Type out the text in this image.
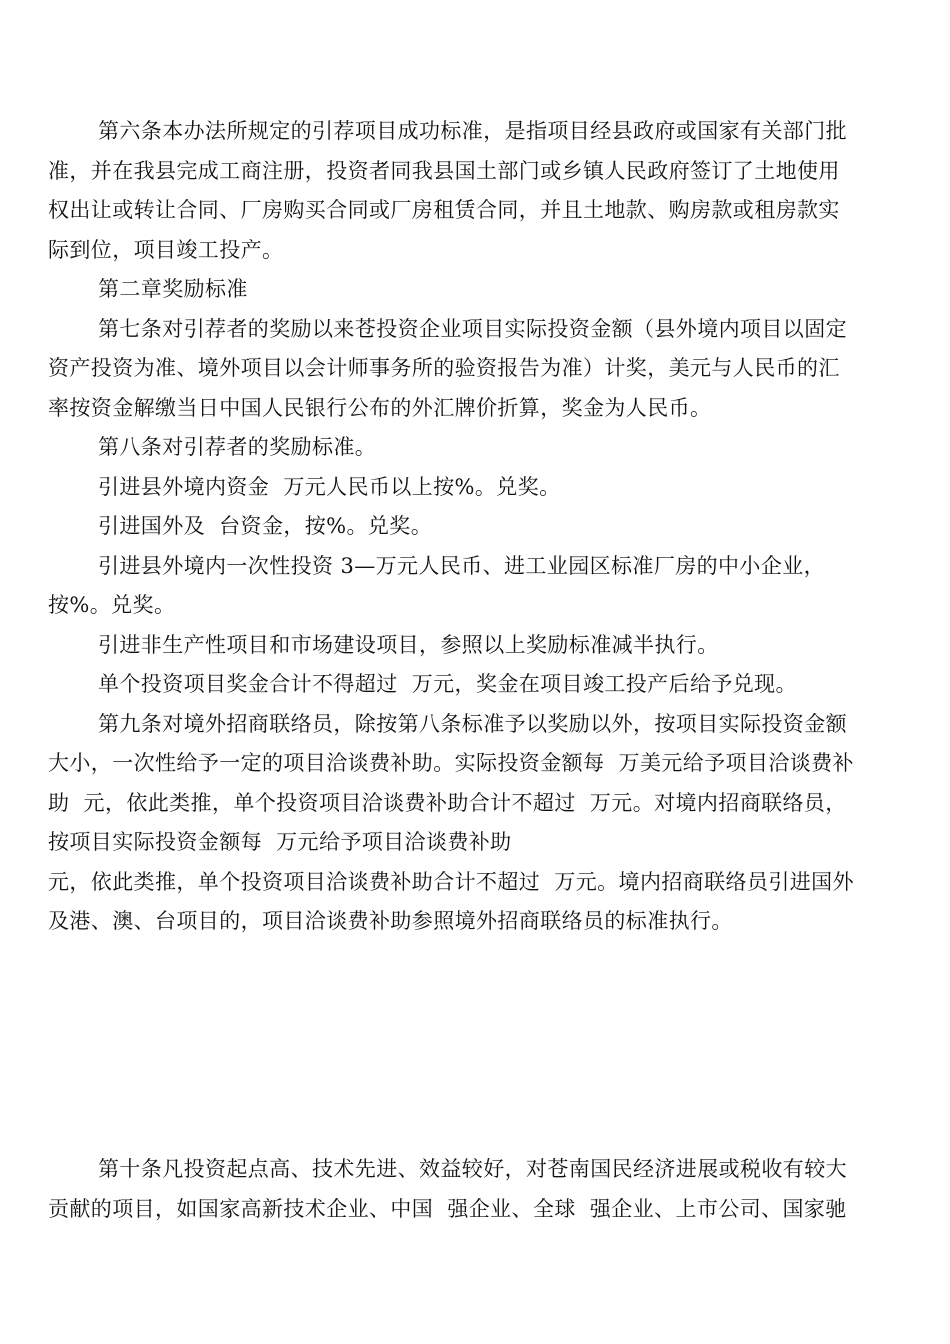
第六条本办法所规定的引荐项目成功标准，是指项目经县政府或国家有关部门批
准，并在我县完成工商注册，投资者同我县国土部门或乡镇人民政府签订了土地使用
权出让或转让合同、厂房购买合同或厂房租赁合同，并且土地款、购房款或租房款实
际到位，项目竣工投产。
第二章奖励标准
第七条对引荐者的奖励以来苍投资企业项目实际投资金额（县外境内项目以固定
资产投资为准、境外项目以会计师事务所的验资报告为准）计奖，美元与人民币的汇
率按资金解缴当日中国人民银行公布的外汇牌价折算，奖金为人民币。
第八条对引荐者的奖励标准。
引进县外境内资金  万元人民币以上按%。兑奖。
引进国外及  台资金，按%。兑奖。
引进县外境内一次性投资 3—万元人民币、进工业园区标准厂房的中小企业，
按%。兑奖。
引进非生产性项目和市场建设项目，参照以上奖励标准减半执行。
单个投资项目奖金合计不得超过  万元，奖金在项目竣工投产后给予兑现。
第九条对境外招商联络员，除按第八条标准予以奖励以外，按项目实际投资金额
大小，一次性给予一定的项目洽谈费补助。实际投资金额每  万美元给予项目洽谈费补
助  元，依此类推，单个投资项目洽谈费补助合计不超过  万元。对境内招商联络员，
按项目实际投资金额每  万元给予项目洽谈费补助
元，依此类推，单个投资项目洽谈费补助合计不超过  万元。境内招商联络员引进国外
及港、澳、台项目的，项目洽谈费补助参照境外招商联络员的标准执行。
第十条凡投资起点高、技术先进、效益较好，对苍南国民经济进展或税收有较大
贡献的项目，如国家高新技术企业、中国  强企业、全球  强企业、上市公司、国家驰
